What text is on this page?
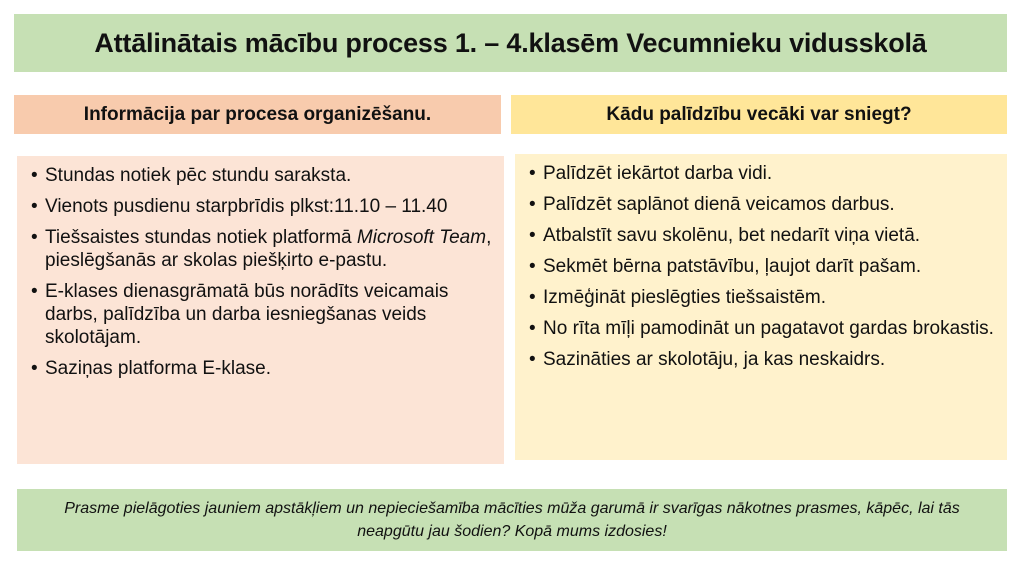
Attālinātais mācību process 1. – 4.klasēm Vecumnieku vidusskolā
Informācija par procesa organizēšanu.	Kādu palīdzību vecāki var sniegt?
• Stundas notiek pēc stundu saraksta.
• Vienots pusdienu starpbrīdis plkst:11.10 – 11.40
• Tiešsaistes stundas notiek platformā Microsoft Team, pieslēgšanās ar skolas piešķirto e-pastu.
• E-klases dienasgrāmatā būs norādīts veicamais darbs, palīdzība un darba iesniegšanas veids skolotājam.
• Saziņas platforma E-klase.
• Palīdzēt iekārtot darba vidi.
• Palīdzēt saplānot dienā veicamos darbus.
• Atbalstīt savu skolēnu, bet nedarīt viņa vietā.
• Sekmēt bērna patstāvību, ļaujot darīt pašam.
• Izmēģināt pieslēgties tiešsaistēm.
• No rīta mīļi pamodināt un pagatavot gardas brokastis.
• Sazināties ar skolotāju, ja kas neskaidrs.
Prasme pielāgoties jauniem apstākļiem un nepieciešamība mācīties mūža garumā ir svarīgas nākotnes prasmes, kāpēc, lai tās neapgūtu jau šodien? Kopā mums izdosies!
